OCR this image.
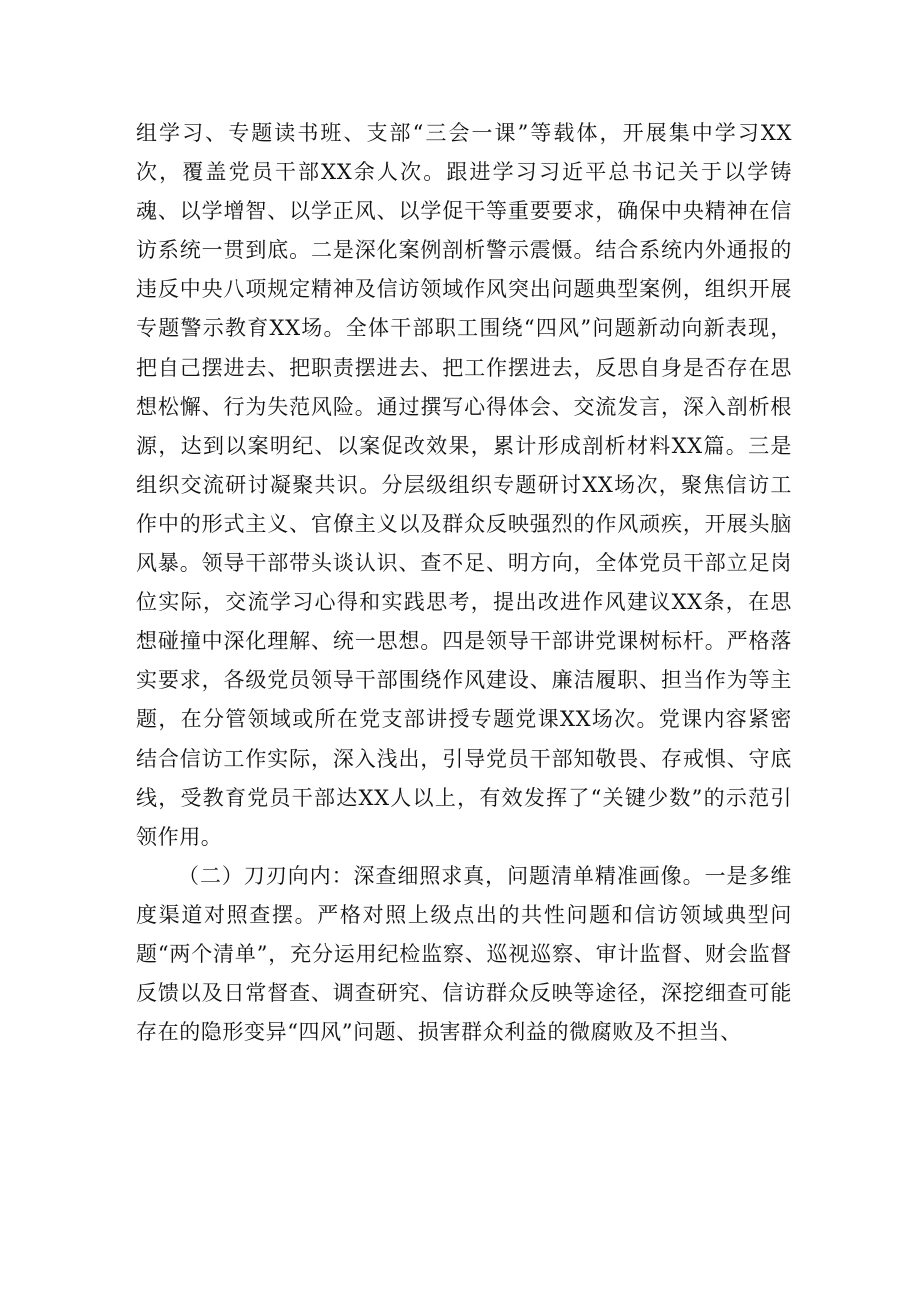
组学习、专题读书班、支部“三会一课”等载体，开展集中学习XX次，覆盖党员干部XX余人次。跟进学习习近平总书记关于以学铸魂、以学增智、以学正风、以学促干等重要要求，确保中央精神在信访系统一贯到底。二是深化案例剖析警示震慑。结合系统内外通报的违反中央八项规定精神及信访领域作风突出问题典型案例，组织开展专题警示教育XX场。全体干部职工围绕“四风”问题新动向新表现，把自己摆进去、把职责摆进去、把工作摆进去，反思自身是否存在思想松懈、行为失范风险。通过撰写心得体会、交流发言，深入剖析根源，达到以案明纪、以案促改效果，累计形成剖析材料XX篇。三是组织交流研讨凝聚共识。分层级组织专题研讨XX场次，聚焦信访工作中的形式主义、官僚主义以及群众反映强烈的作风顽疾，开展头脑风暴。领导干部带头谈认识、查不足、明方向，全体党员干部立足岗位实际，交流学习心得和实践思考，提出改进作风建议XX条，在思想碰撞中深化理解、统一思想。四是领导干部讲党课树标杆。严格落实要求，各级党员领导干部围绕作风建设、廉洁履职、担当作为等主题，在分管领域或所在党支部讲授专题党课XX场次。党课内容紧密结合信访工作实际，深入浅出，引导党员干部知敬畏、存戒惧、守底线，受教育党员干部达XX人以上，有效发挥了“关键少数”的示范引领作用。

（二）刀刃向内：深查细照求真，问题清单精准画像。一是多维度渠道对照查摆。严格对照上级点出的共性问题和信访领域典型问题“两个清单”，充分运用纪检监察、巡视巡察、审计监督、财会监督反馈以及日常督查、调查研究、信访群众反映等途径，深挖细查可能存在的隐形变异“四风”问题、损害群众利益的微腐败及不担当、
